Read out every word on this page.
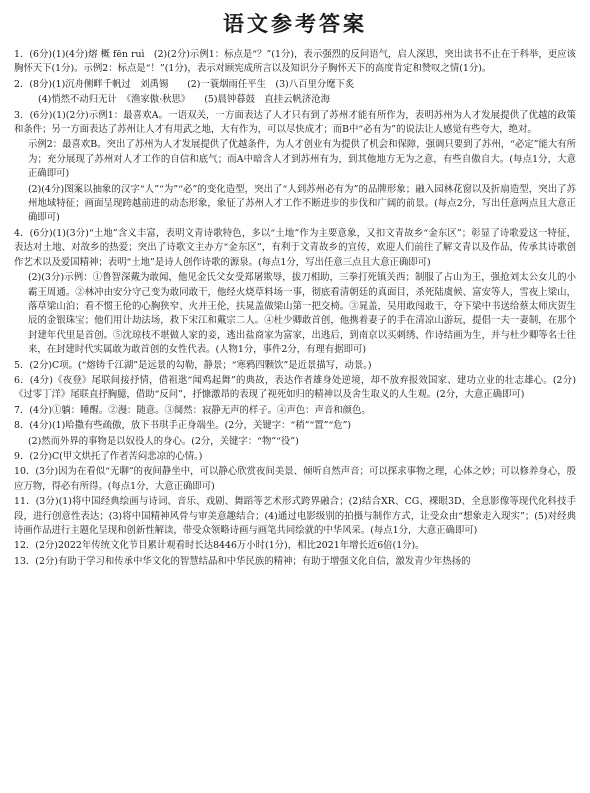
语文参考答案

1．(6分)(1)(4分)熔 概 fēn ruì　(2)(2分)示例1：标点是“？”(1分)，表示强烈的反问语气，启人深思，突出读书不止在于科举，更应该胸怀天下(1分)。示例2：标点是“！”(1分)，表示对顾宪成所言以及知识分子胸怀天下的高度肯定和赞叹之情(1分)。

2．(8分)(1)沉舟侧畔千帆过　刘禹锡　　(2)一蓑烟雨任平生　(3)八百里分麾下炙

(4)悄然不动归无计　《渔家傲·秋思》　　(5)晨钟暮鼓　直挂云帆济沧海

3．(6分)(1)(2分)示例1：最喜欢A。一语双关，一方面表达了人才只有到了苏州才能有所作为，表明苏州为人才发展提供了优越的政策和条件；另一方面表达了苏州让人才有用武之地，大有作为，可以尽快成才；而B中“必有为”的说法让人感觉有些夸大，绝对。

示例2：最喜欢B。突出了苏州为人才发展提供了优越条件，为人才创业有为提供了机会和保障，强调只要到了苏州，“必定”能大有所为；充分展现了苏州对人才工作的自信和底气；而A中暗含人才到苏州有为，到其他地方无为之意，有些自傲自大。(每点1分，大意正确即可)

(2)(4分)图案以抽象的汉字“人”“为”“必”的变化造型，突出了“人到苏州必有为”的品牌形象；融入园林花窗以及折扇造型，突出了苏州地域特征；画面呈现跨越前进的动态形象，象征了苏州人才工作不断进步的步伐和广阔的前景。(每点2分，写出任意两点且大意正确即可)

4．(6分)(1)(3分)“土地”含义丰富，表明文青诗歌特色，多以“土地”作为主要意象，又扣文青故乡“金东区”；彰显了诗歌爱这一特征，表达对土地、对故乡的热爱；突出了诗歌文主办方“金东区”，有利于文青故乡的宣传，欢迎人们前往了解文青以及作品，传承其诗歌创作艺术以及爱国精神；表明“土地”是诗人创作诗歌的源泉。(每点1分，写出任意三点且大意正确即可)

(2)(3分)示例：①鲁智深戴为敢闻，他见金氏父女受郑屠欺辱，拔刀相助，三拳打死镇关西；制服了占山为王，强抢刘太公女儿的小霸王周通。②林冲由安分守己变为敢同敢干，他经火烧草料场一事，彻底看清朝廷的真面目，杀死陆虞候、富安等人，雪夜上梁山，落草梁山泊；看不惯王伦的心胸狭窄、火并王伦，扶晁盖做梁山第一把交椅。③晁盖，吴用敢闯敢干，夺下梁中书送给蔡太师庆贺生辰的金银珠宝；他们用计劫法场，救下宋江和戴宗二人。④杜少卿敢首创，他携着妻子的手在清凉山游玩，提倡一夫一妻制，在那个封建年代里是首创。⑤沈琼枝不堪做人家的妾，逃出盐商家为富家，出逃后，到南京以买刺绣、作诗结画为生，并与杜少卿等名士往来，在封建时代实属敢为敢首创的女性代表。(人物1分，事件2分，有理有据即可)

5．(2分)C项。(“熔铸千江湖”是远景的勾勒，静景；“寒鸦四颗饮”是近景描写，动景。)

6．(4分)《夜登》尾联间接抒情，借祖逖“闻鸡起舞”的典故，表达作者雄身处逆境，却不放弃报效国家、建功立业的壮志雄心。(2分)《过零丁洋》尾联直抒胸臆，借助“反问”，抒慷激昂的表现了视死如归的精神以及舍生取义的人生观。(2分，大意正确即可)

7．(4分)①躺：睡醒。②漫：随意。③阒然：寂静无声的样子。④声色：声音和颜色。

8．(4分)(1)哈撒有些疏傲，放下书琪手正身端坐。(2分，关键字：“稍”“置”“危”)

(2)然而外界的事物是以奴役人的身心。(2分，关键字：“物”“役”)

9．(2分)C(甲文烘托了作者苦闷悲凉的心情。)

10．(3分)因为在看似“无聊”的夜间静坐中，可以静心欣赏夜间美景、倾听自然声音；可以探求事物之理，心体之妙；可以修养身心，殷应万物，得必有所得。(每点1分，大意正确即可)

11．(3分)(1)将中国经典绘画与诗词、音乐、戏剧、舞蹈等艺术形式跨界融合；(2)结合XR、CG、裸眼3D、全息影像等现代化科技手段，进行创意性表达；(3)将中国精神风骨与审美意趣结合；(4)通过电影级别的拍摄与制作方式，让受众由“想象走入现实”；(5)对经典诗画作品进行主题化呈现和创新性解读，带受众领略诗画与画笔共同绘就的中华风采。(每点1分，大意正确即可)

12．(2分)2022年传统文化节目累计观看时长达8446万小时(1分)，相比2021年增长近6倍(1分)。

13．(2分)有助于学习和传承中华文化的智慧结晶和中华民族的精神；有助于增强文化自信，激发青少年热扬的
